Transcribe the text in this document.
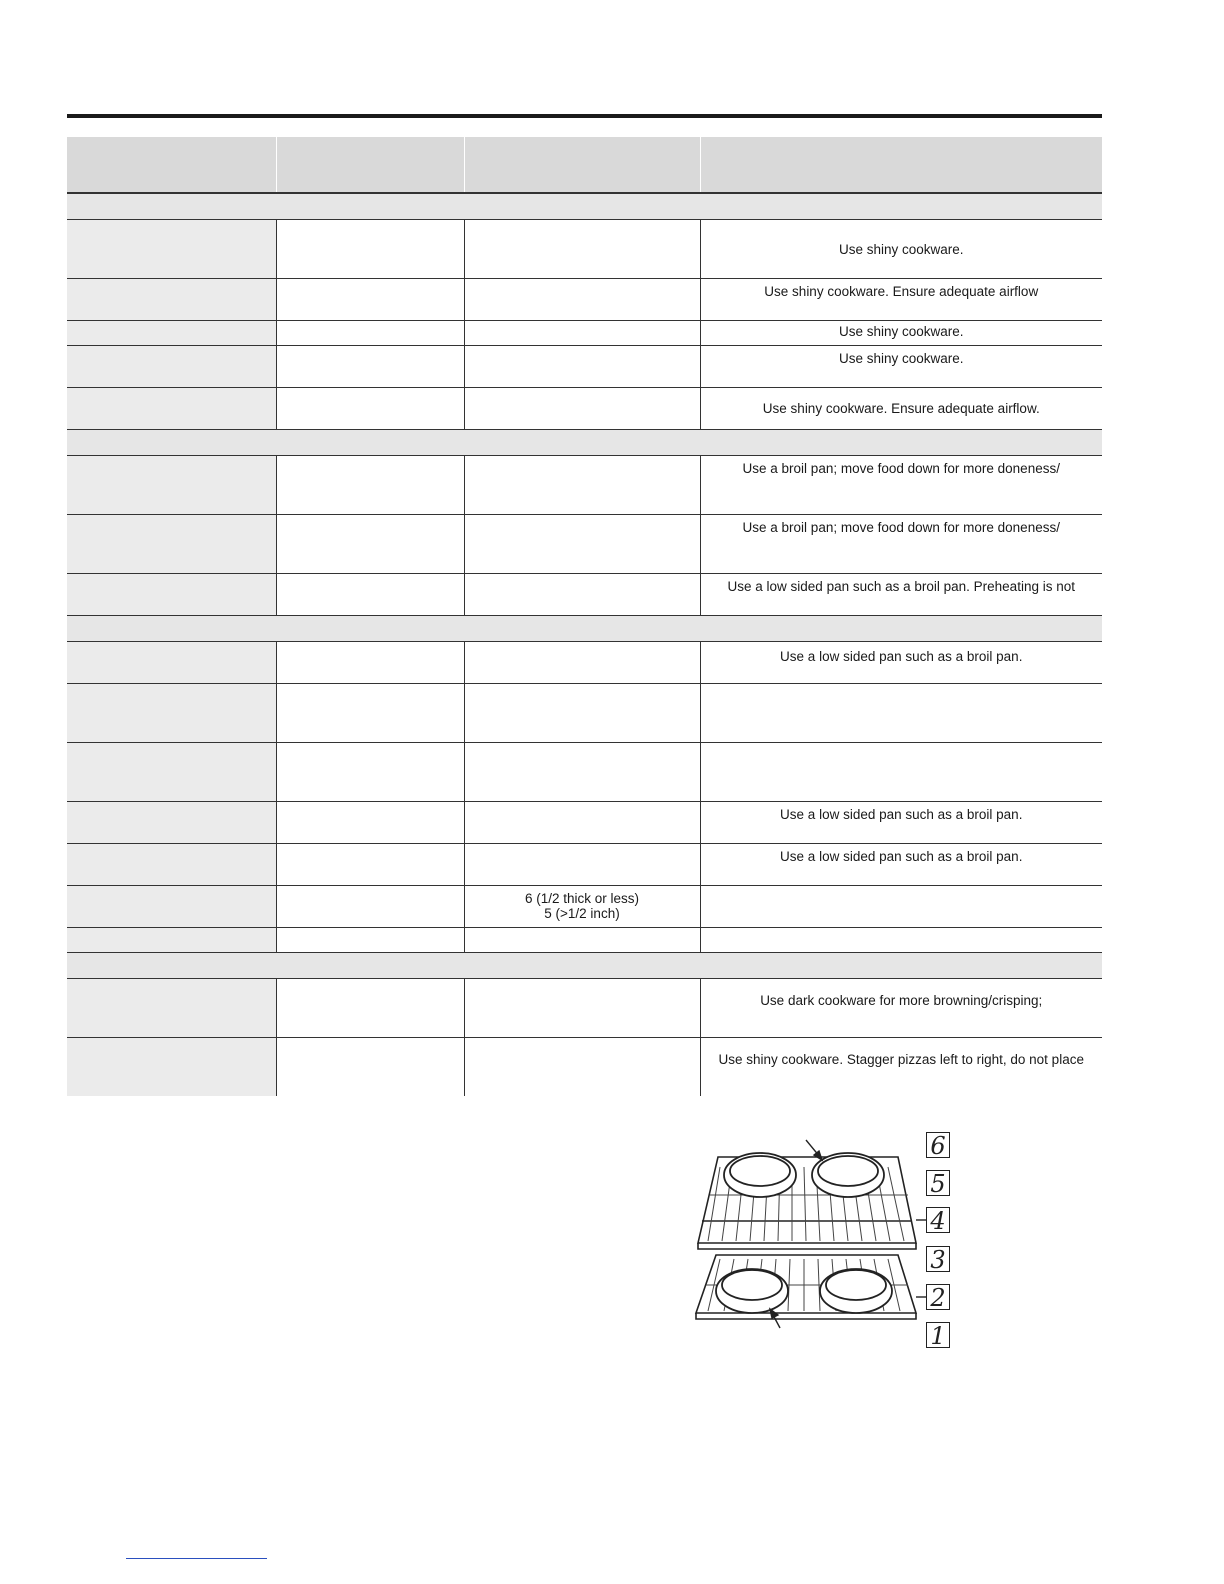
			Use shiny cookware.
			Use shiny cookware. Ensure adequate airflow
			Use shiny cookware.
			Use shiny cookware.
			Use shiny cookware. Ensure adequate airflow.

			Use a broil pan; move food down for more doneness/
			Use a broil pan; move food down for more doneness/
			Use a low sided pan such as a broil pan. Preheating is not

			Use a low sided pan such as a broil pan.

			Use a low sided pan such as a broil pan.
			Use a low sided pan such as a broil pan.

		6 (1/2 thick or less)
5 (>1/2 inch)	

			Use dark cookware for more browning/crisping;
			Use shiny cookware. Stagger pizzas left to right, do not place
6
5
4
3
2
1
